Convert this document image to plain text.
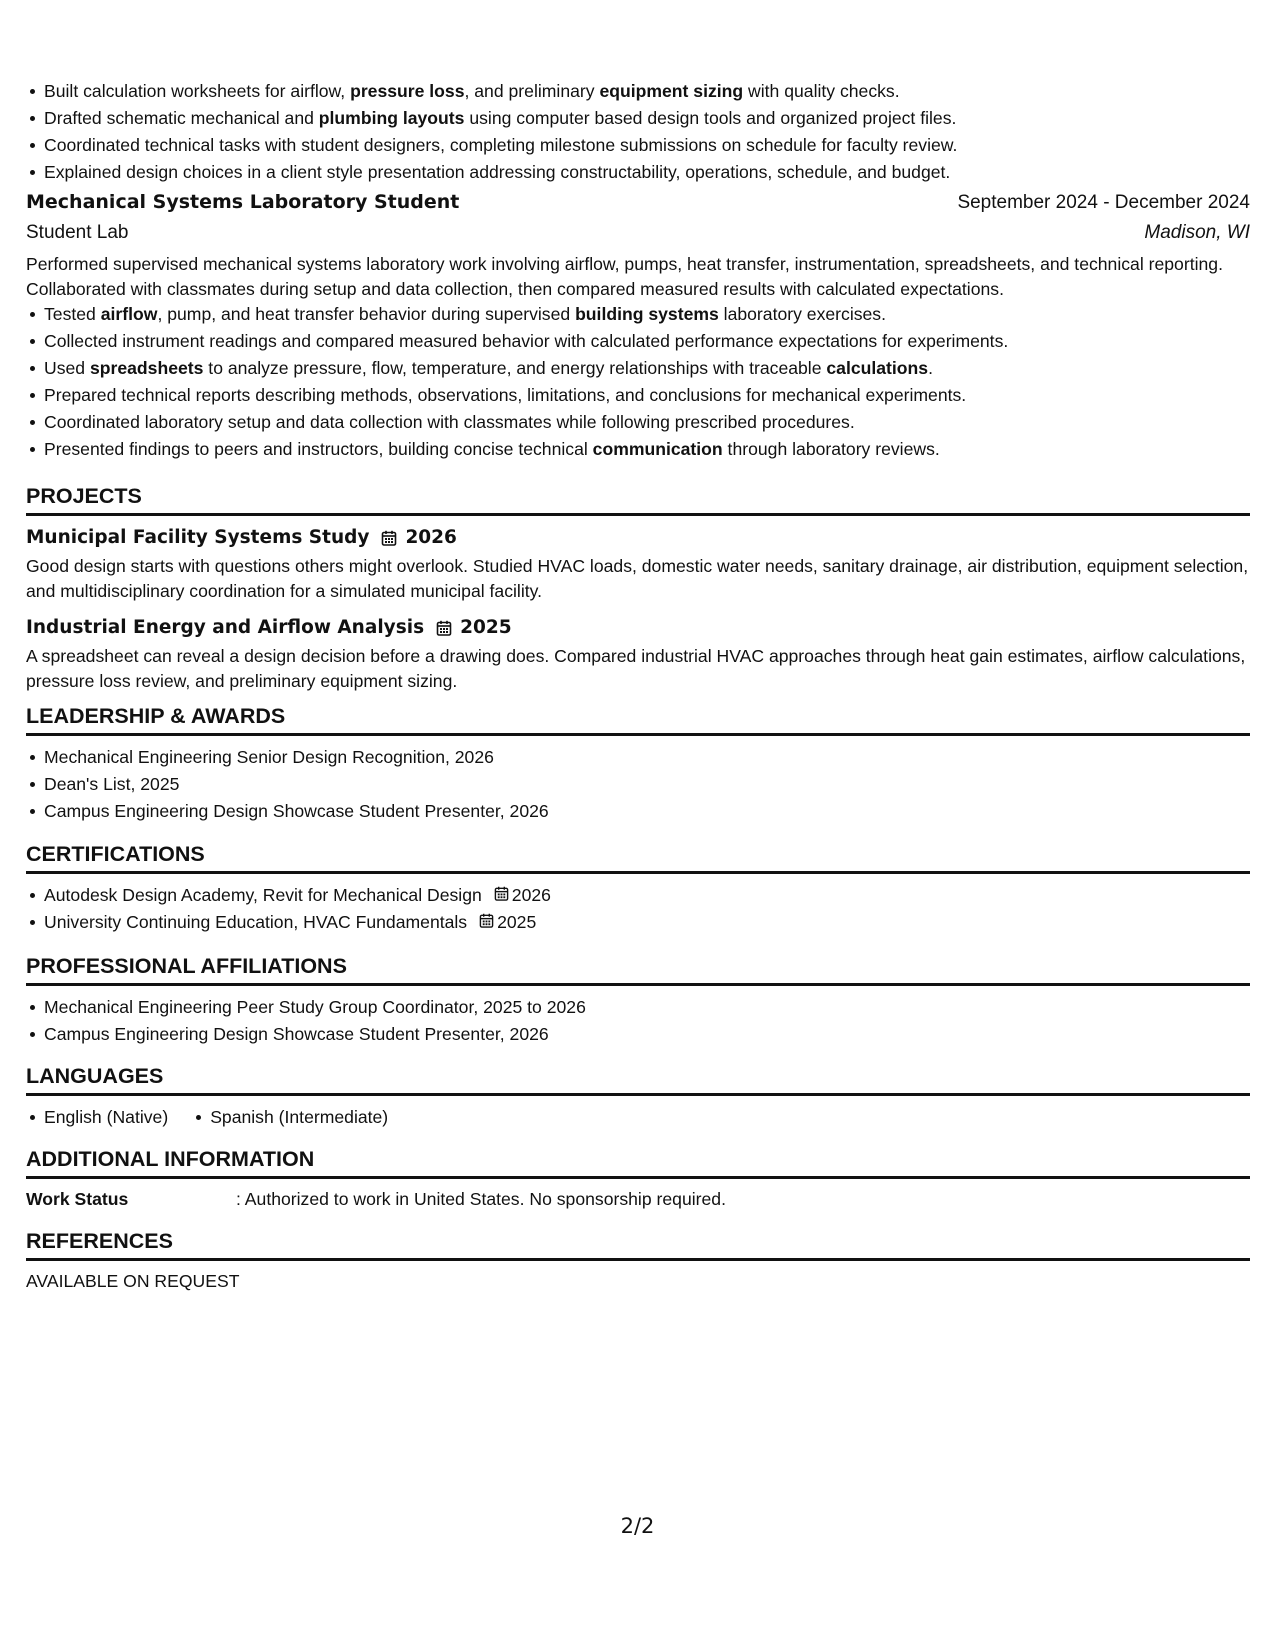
Built calculation worksheets for airflow, pressure loss, and preliminary equipment sizing with quality checks.
Drafted schematic mechanical and plumbing layouts using computer based design tools and organized project files.
Coordinated technical tasks with student designers, completing milestone submissions on schedule for faculty review.
Explained design choices in a client style presentation addressing constructability, operations, schedule, and budget.
Mechanical Systems Laboratory Student	September 2024 - December 2024
Student Lab	Madison, WI
Performed supervised mechanical systems laboratory work involving airflow, pumps, heat transfer, instrumentation, spreadsheets, and technical reporting. Collaborated with classmates during setup and data collection, then compared measured results with calculated expectations.
Tested airflow, pump, and heat transfer behavior during supervised building systems laboratory exercises.
Collected instrument readings and compared measured behavior with calculated performance expectations for experiments.
Used spreadsheets to analyze pressure, flow, temperature, and energy relationships with traceable calculations.
Prepared technical reports describing methods, observations, limitations, and conclusions for mechanical experiments.
Coordinated laboratory setup and data collection with classmates while following prescribed procedures.
Presented findings to peers and instructors, building concise technical communication through laboratory reviews.
PROJECTS
Municipal Facility Systems Study 2026
Good design starts with questions others might overlook. Studied HVAC loads, domestic water needs, sanitary drainage, air distribution, equipment selection, and multidisciplinary coordination for a simulated municipal facility.
Industrial Energy and Airflow Analysis 2025
A spreadsheet can reveal a design decision before a drawing does. Compared industrial HVAC approaches through heat gain estimates, airflow calculations, pressure loss review, and preliminary equipment sizing.
LEADERSHIP & AWARDS
Mechanical Engineering Senior Design Recognition, 2026
Dean's List, 2025
Campus Engineering Design Showcase Student Presenter, 2026
CERTIFICATIONS
Autodesk Design Academy, Revit for Mechanical Design 2026
University Continuing Education, HVAC Fundamentals 2025
PROFESSIONAL AFFILIATIONS
Mechanical Engineering Peer Study Group Coordinator, 2025 to 2026
Campus Engineering Design Showcase Student Presenter, 2026
LANGUAGES
English (Native)	Spanish (Intermediate)
ADDITIONAL INFORMATION
Work Status	: Authorized to work in United States. No sponsorship required.
REFERENCES
AVAILABLE ON REQUEST
2/2
